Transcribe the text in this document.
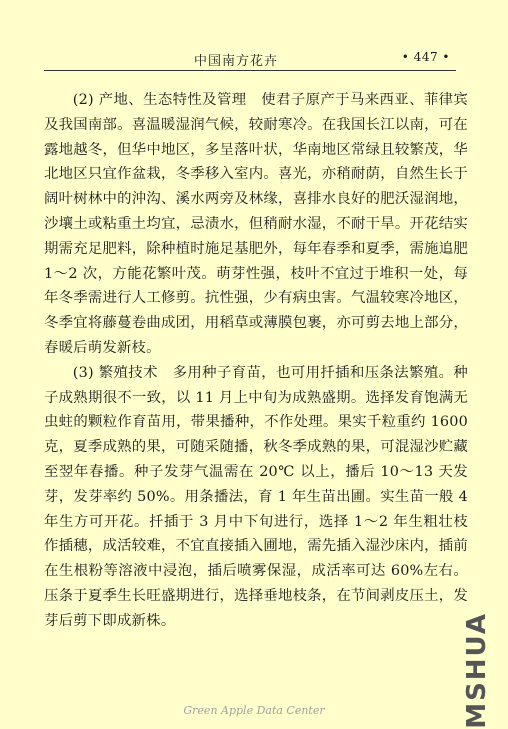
中国南方花卉	• 447 •

(2) 产地、生态特性及管理　使君子原产于马来西亚、菲律宾及我国南部。喜温暖湿润气候，较耐寒冷。在我国长江以南，可在露地越冬，但华中地区，多呈落叶状，华南地区常绿且较繁茂，华北地区只宜作盆栽，冬季移入室内。喜光，亦稍耐荫，自然生长于阔叶树林中的沖沟、溪水两旁及林缘，喜排水良好的肥沃湿润地，沙壤土或粘重土均宜，忌渍水，但稍耐水湿，不耐干旱。开花结实期需充足肥料，除种植时施足基肥外，每年春季和夏季，需施追肥 1～2 次，方能花繁叶茂。萌芽性强，枝叶不宜过于堆积一处，每年冬季需进行人工修剪。抗性强，少有病虫害。气温较寒冷地区，冬季宜将藤蔓卷曲成团，用稻草或薄膜包裹，亦可剪去地上部分，春暖后萌发新枝。

(3) 繁殖技术　多用种子育苗，也可用扦插和压条法繁殖。种子成熟期很不一致，以 11 月上中旬为成熟盛期。选择发育饱满无虫蛀的颗粒作育苗用，带果播种，不作处理。果实千粒重约 1600 克，夏季成熟的果，可随采随播，秋冬季成熟的果，可混湿沙贮藏至翌年春播。种子发芽气温需在 20℃ 以上，播后 10～13 天发芽，发芽率约 50%。用条播法，育 1 年生苗出圃。实生苗一般 4 年生方可开花。扦插于 3 月中下旬进行，选择 1～2 年生粗壮枝作插穗，成活较难，不宜直接插入圃地，需先插入湿沙床内，插前在生根粉等溶液中浸泡，插后喷雾保湿，成活率可达 60%左右。压条于夏季生长旺盛期进行，选择垂地枝条，在节间剥皮压土，发芽后剪下即成新株。	MSHUA
Green Apple Data Center
